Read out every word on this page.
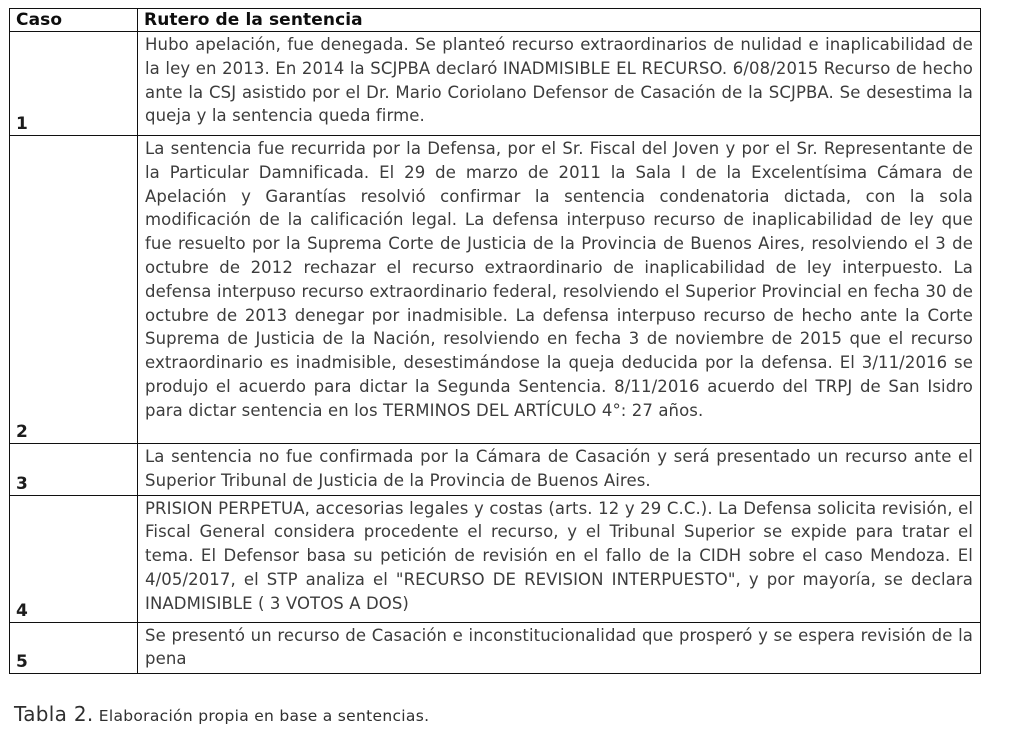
Caso	Rutero de la sentencia
1	Hubo apelación, fue denegada. Se planteó recurso extraordinarios de nulidad e inaplicabilidad de la ley en 2013. En 2014 la SCJPBA declaró INADMISIBLE EL RECURSO. 6/08/2015 Recurso de hecho ante la CSJ asistido por el Dr. Mario Coriolano Defensor de Casación de la SCJPBA. Se desestima la queja y la sentencia queda firme.
2	La sentencia fue recurrida por la Defensa, por el Sr. Fiscal del Joven y por el Sr. Representante de la Particular Damnificada. El 29 de marzo de 2011 la Sala I de la Excelentísima Cámara de Apelación y Garantías resolvió confirmar la sentencia condenatoria dictada, con la sola modificación de la calificación legal. La defensa interpuso recurso de inaplicabilidad de ley que fue resuelto por la Suprema Corte de Justicia de la Provincia de Buenos Aires, resolviendo el 3 de octubre de 2012 rechazar el recurso extraordinario de inaplicabilidad de ley interpuesto. La defensa interpuso recurso extraordinario federal, resolviendo el Superior Provincial en fecha 30 de octubre de 2013 denegar por inadmisible. La defensa interpuso recurso de hecho ante la Corte Suprema de Justicia de la Nación, resolviendo en fecha 3 de noviembre de 2015 que el recurso extraordinario es inadmisible, desestimándose la queja deducida por la defensa. El 3/11/2016 se produjo el acuerdo para dictar la Segunda Sentencia. 8/11/2016 acuerdo del TRPJ de San Isidro para dictar sentencia en los TERMINOS DEL ARTÍCULO 4°: 27 años.
3	La sentencia no fue confirmada por la Cámara de Casación y será presentado un recurso ante el Superior Tribunal de Justicia de la Provincia de Buenos Aires.
4	PRISION PERPETUA, accesorias legales y costas (arts. 12 y 29 C.C.). La Defensa solicita revisión, el Fiscal General considera procedente el recurso, y el Tribunal Superior se expide para tratar el tema. El Defensor basa su petición de revisión en el fallo de la CIDH sobre el caso Mendoza. El 4/05/2017, el STP analiza el "RECURSO DE REVISION INTERPUESTO", y por mayoría, se declara INADMISIBLE ( 3 VOTOS A DOS)
5	Se presentó un recurso de Casación e inconstitucionalidad que prosperó y se espera revisión de la pena
Tabla 2. Elaboración propia en base a sentencias.
